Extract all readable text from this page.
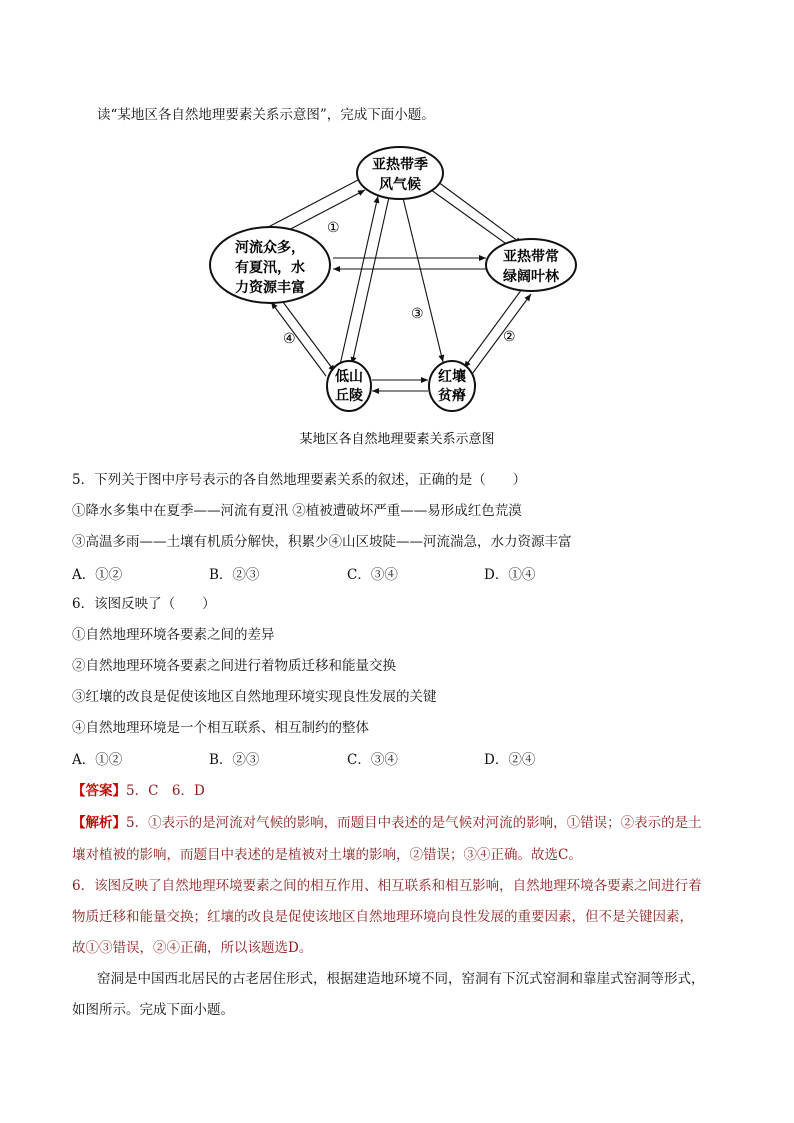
读“某地区各自然地理要素关系示意图”，完成下面小题。
亚热带季
风气候
河流众多，
有夏汛，水
力资源丰富
亚热带常
绿阔叶林
低山
丘陵
红壤
贫瘠
①
②
③
④
某地区各自然地理要素关系示意图
5．下列关于图中序号表示的各自然地理要素关系的叙述，正确的是（　　）
①降水多集中在夏季——河流有夏汛 ②植被遭破坏严重——易形成红色荒漠
③高温多雨——土壤有机质分解快，积累少④山区坡陡——河流湍急，水力资源丰富
A．①②	B．②③	C．③④	D．①④
6．该图反映了（　　）
①自然地理环境各要素之间的差异
②自然地理环境各要素之间进行着物质迁移和能量交换
③红壤的改良是促使该地区自然地理环境实现良性发展的关键
④自然地理环境是一个相互联系、相互制约的整体
A．①②	B．②③	C．③④	D．②④
【答案】5．C　6．D
【解析】5．①表示的是河流对气候的影响，而题目中表述的是气候对河流的影响，①错误；②表示的是土
壤对植被的影响，而题目中表述的是植被对土壤的影响，②错误；③④正确。故选C。
6．该图反映了自然地理环境要素之间的相互作用、相互联系和相互影响，自然地理环境各要素之间进行着
物质迁移和能量交换；红壤的改良是促使该地区自然地理环境向良性发展的重要因素，但不是关键因素，
故①③错误，②④正确，所以该题选D。
窑洞是中国西北居民的古老居住形式，根据建造地环境不同，窑洞有下沉式窑洞和靠崖式窑洞等形式，
如图所示。完成下面小题。
